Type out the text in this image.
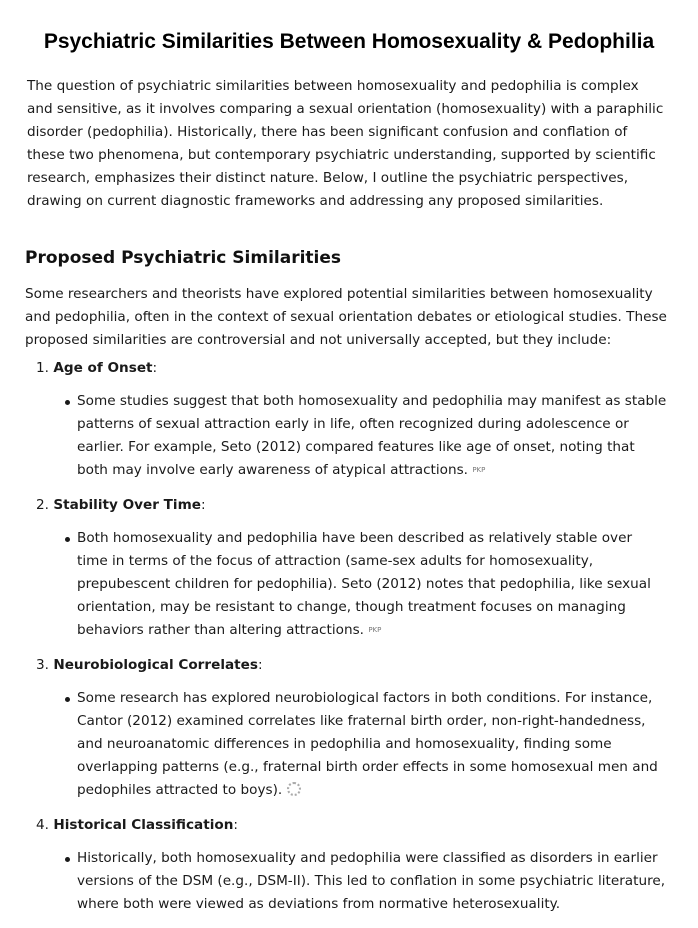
Psychiatric Similarities Between Homosexuality & Pedophilia

The question of psychiatric similarities between homosexuality and pedophilia is complex and sensitive, as it involves comparing a sexual orientation (homosexuality) with a paraphilic disorder (pedophilia). Historically, there has been significant confusion and conflation of these two phenomena, but contemporary psychiatric understanding, supported by scientific research, emphasizes their distinct nature. Below, I outline the psychiatric perspectives, drawing on current diagnostic frameworks and addressing any proposed similarities.

Proposed Psychiatric Similarities

Some researchers and theorists have explored potential similarities between homosexuality and pedophilia, often in the context of sexual orientation debates or etiological studies. These proposed similarities are controversial and not universally accepted, but they include:

1. Age of Onset:
Some studies suggest that both homosexuality and pedophilia may manifest as stable patterns of sexual attraction early in life, often recognized during adolescence or earlier. For example, Seto (2012) compared features like age of onset, noting that both may involve early awareness of atypical attractions. PKP
2. Stability Over Time:
Both homosexuality and pedophilia have been described as relatively stable over time in terms of the focus of attraction (same-sex adults for homosexuality, prepubescent children for pedophilia). Seto (2012) notes that pedophilia, like sexual orientation, may be resistant to change, though treatment focuses on managing behaviors rather than altering attractions. PKP
3. Neurobiological Correlates:
Some research has explored neurobiological factors in both conditions. For instance, Cantor (2012) examined correlates like fraternal birth order, non-right-handedness, and neuroanatomic differences in pedophilia and homosexuality, finding some overlapping patterns (e.g., fraternal birth order effects in some homosexual men and pedophiles attracted to boys).
4. Historical Classification:
Historically, both homosexuality and pedophilia were classified as disorders in earlier versions of the DSM (e.g., DSM-II). This led to conflation in some psychiatric literature, where both were viewed as deviations from normative heterosexuality.
